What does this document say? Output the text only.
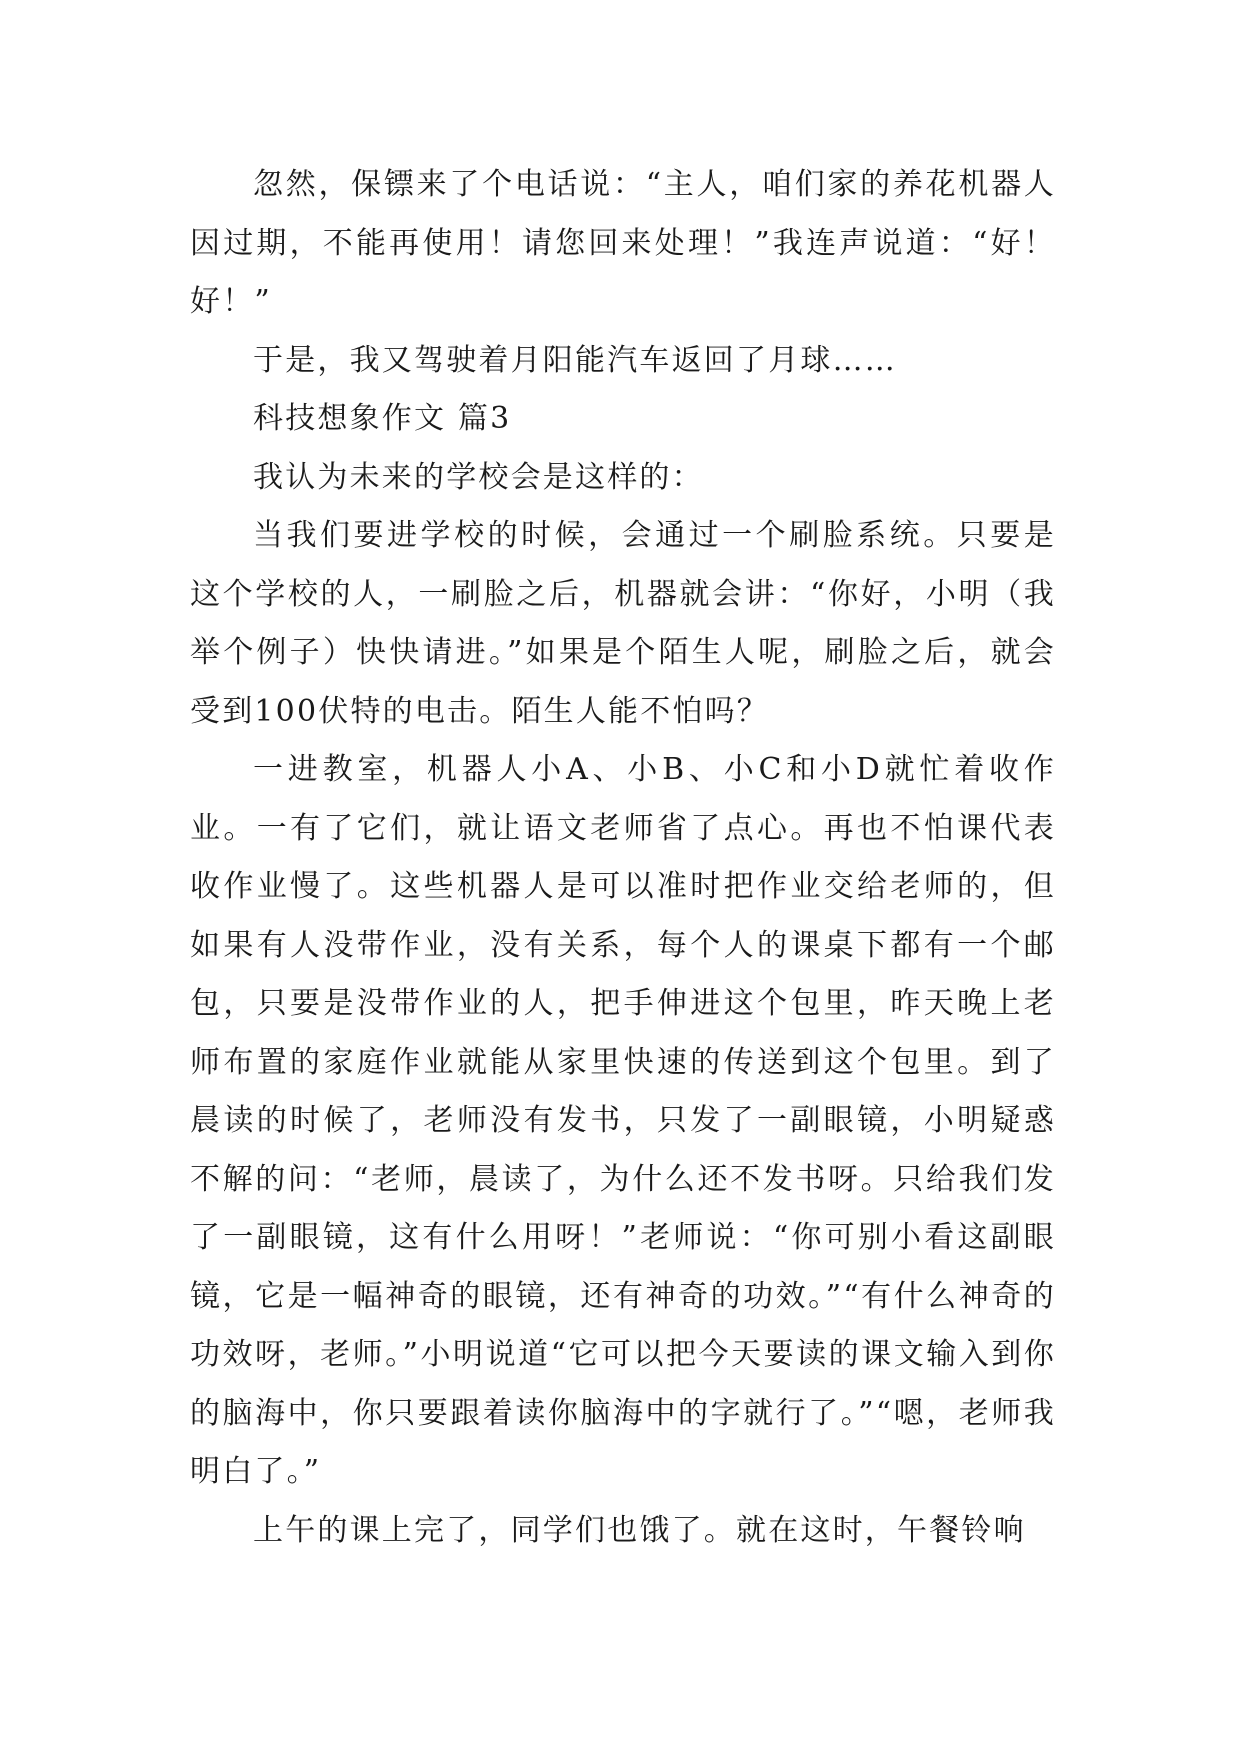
忽然，保镖来了个电话说：“主人，咱们家的养花机器人因过期，不能再使用！请您回来处理！”我连声说道：“好！好！”

于是，我又驾驶着月阳能汽车返回了月球……

科技想象作文 篇3

我认为未来的学校会是这样的：

当我们要进学校的时候，会通过一个刷脸系统。只要是这个学校的人，一刷脸之后，机器就会讲：“你好，小明（我举个例子）快快请进。”如果是个陌生人呢，刷脸之后，就会受到100伏特的电击。陌生人能不怕吗？

一进教室，机器人小A、小B、小C和小D就忙着收作业。一有了它们，就让语文老师省了点心。再也不怕课代表收作业慢了。这些机器人是可以准时把作业交给老师的，但如果有人没带作业，没有关系，每个人的课桌下都有一个邮包，只要是没带作业的人，把手伸进这个包里，昨天晚上老师布置的家庭作业就能从家里快速的传送到这个包里。到了晨读的时候了，老师没有发书，只发了一副眼镜，小明疑惑不解的问：“老师，晨读了，为什么还不发书呀。只给我们发了一副眼镜，这有什么用呀！”老师说：“你可别小看这副眼镜，它是一幅神奇的眼镜，还有神奇的功效。”“有什么神奇的功效呀，老师。”小明说道“它可以把今天要读的课文输入到你的脑海中，你只要跟着读你脑海中的字就行了。”“嗯，老师我明白了。”

上午的课上完了，同学们也饿了。就在这时，午餐铃响
